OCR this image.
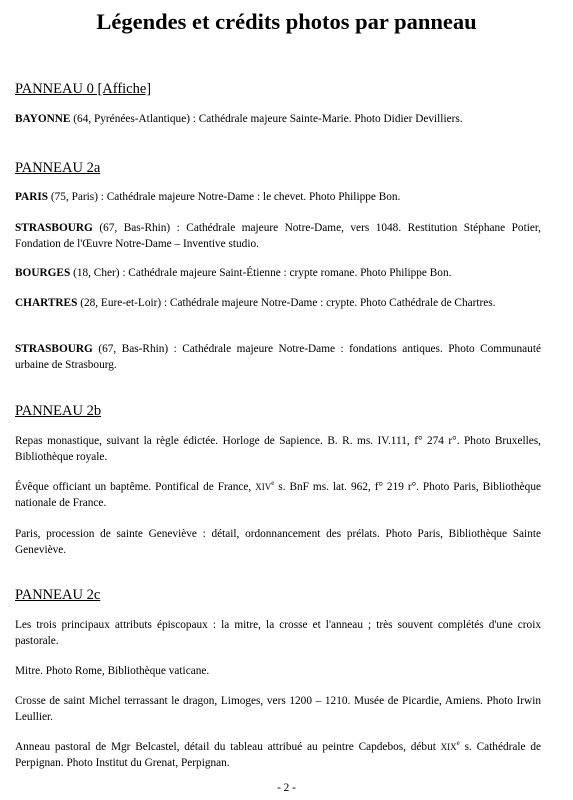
Légendes et crédits photos par panneau

PANNEAU 0 [Affiche]

BAYONNE (64, Pyrénées-Atlantique) : Cathédrale majeure Sainte-Marie. Photo Didier Devilliers.

PANNEAU 2a

PARIS (75, Paris) : Cathédrale majeure Notre-Dame : le chevet. Photo Philippe Bon.

STRASBOURG (67, Bas-Rhin) : Cathédrale majeure Notre-Dame, vers 1048. Restitution Stéphane Potier, Fondation de l'Œuvre Notre-Dame – Inventive studio.

BOURGES (18, Cher) : Cathédrale majeure Saint-Étienne : crypte romane. Photo Philippe Bon.

CHARTRES (28, Eure-et-Loir) : Cathédrale majeure Notre-Dame : crypte. Photo Cathédrale de Chartres.

STRASBOURG (67, Bas-Rhin) : Cathédrale majeure Notre-Dame : fondations antiques. Photo Communauté urbaine de Strasbourg.

PANNEAU 2b

Repas monastique, suivant la règle édictée. Horloge de Sapience. B. R. ms. IV.111, f° 274 r°. Photo Bruxelles, Bibliothèque royale.

Évêque officiant un baptême. Pontifical de France, XIVe s. BnF ms. lat. 962, f° 219 r°. Photo Paris, Bibliothèque nationale de France.

Paris, procession de sainte Geneviève : détail, ordonnancement des prélats. Photo Paris, Bibliothèque Sainte Geneviève.

PANNEAU 2c

Les trois principaux attributs épiscopaux : la mitre, la crosse et l'anneau ; très souvent complétés d'une croix pastorale.

Mitre. Photo Rome, Bibliothèque vaticane.

Crosse de saint Michel terrassant le dragon, Limoges, vers 1200 – 1210. Musée de Picardie, Amiens. Photo Irwin Leullier.

Anneau pastoral de Mgr Belcastel, détail du tableau attribué au peintre Capdebos, début XIXe s. Cathédrale de Perpignan. Photo Institut du Grenat, Perpignan.

- 2 -
